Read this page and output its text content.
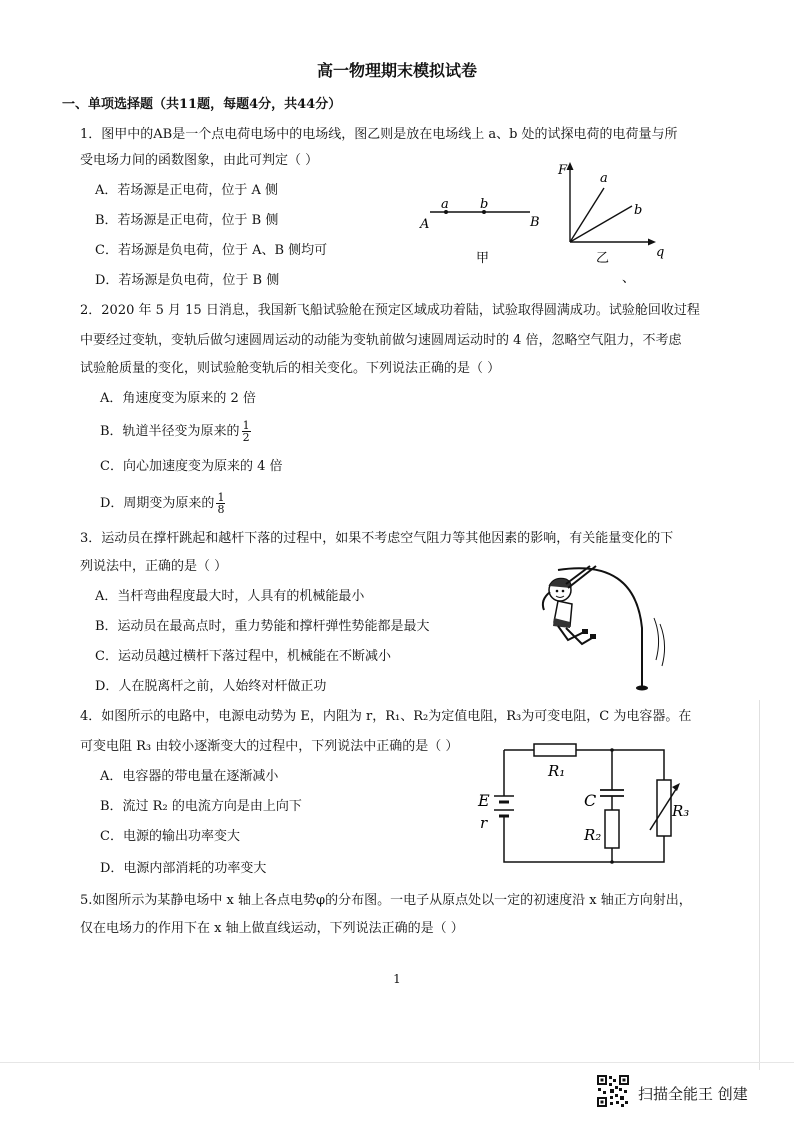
高一物理期末模拟试卷
一、单项选择题（共11题，每题4分，共44分）
1．图甲中的AB是一个点电荷电场中的电场线，图乙则是放在电场线上 a、b 处的试探电荷的电荷量与所
受电场力间的函数图象，由此可判定（ ）
A．若场源是正电荷，位于 A 侧
B．若场源是正电荷，位于 B 侧
C．若场源是负电荷，位于 A、B 侧均可
D．若场源是负电荷，位于 B 侧
A
a b
B
甲
F
a
b
q
乙
、
2．2020 年 5 月 15 日消息，我国新飞船试验舱在预定区域成功着陆，试验取得圆满成功。试验舱回收过程
中要经过变轨，变轨后做匀速圆周运动的动能为变轨前做匀速圆周运动时的 4 倍，忽略空气阻力，不考虑
试验舱质量的变化，则试验舱变轨后的相关变化。下列说法正确的是（ ）
A．角速度变为原来的 2 倍
B．轨道半径变为原来的 $\frac{1}{2}$
C．向心加速度变为原来的 4 倍
D．周期变为原来的 $\frac{1}{8}$
3．运动员在撑杆跳起和越杆下落的过程中，如果不考虑空气阻力等其他因素的影响，有关能量变化的下
列说法中，正确的是（ ）
A．当杆弯曲程度最大时，人具有的机械能最小
B．运动员在最高点时，重力势能和撑杆弹性势能都是最大
C．运动员越过横杆下落过程中，机械能在不断减小
D．人在脱离杆之前，人始终对杆做正功
4．如图所示的电路中，电源电动势为 E，内阻为 r，R₁、R₂为定值电阻，R₃为可变电阻，C 为电容器。在
可变电阻 R₃ 由较小逐渐变大的过程中，下列说法中正确的是（ ）
A．电容器的带电量在逐渐减小
B．流过 R₂ 的电流方向是由上向下
C．电源的输出功率变大
D．电源内部消耗的功率变大
R₁
E
r
C
R₂
R₃
5.如图所示为某静电场中 x 轴上各点电势φ的分布图。一电子从原点处以一定的初速度沿 x 轴正方向射出，
仅在电场力的作用下在 x 轴上做直线运动，下列说法正确的是（ ）
1
扫描全能王 创建
